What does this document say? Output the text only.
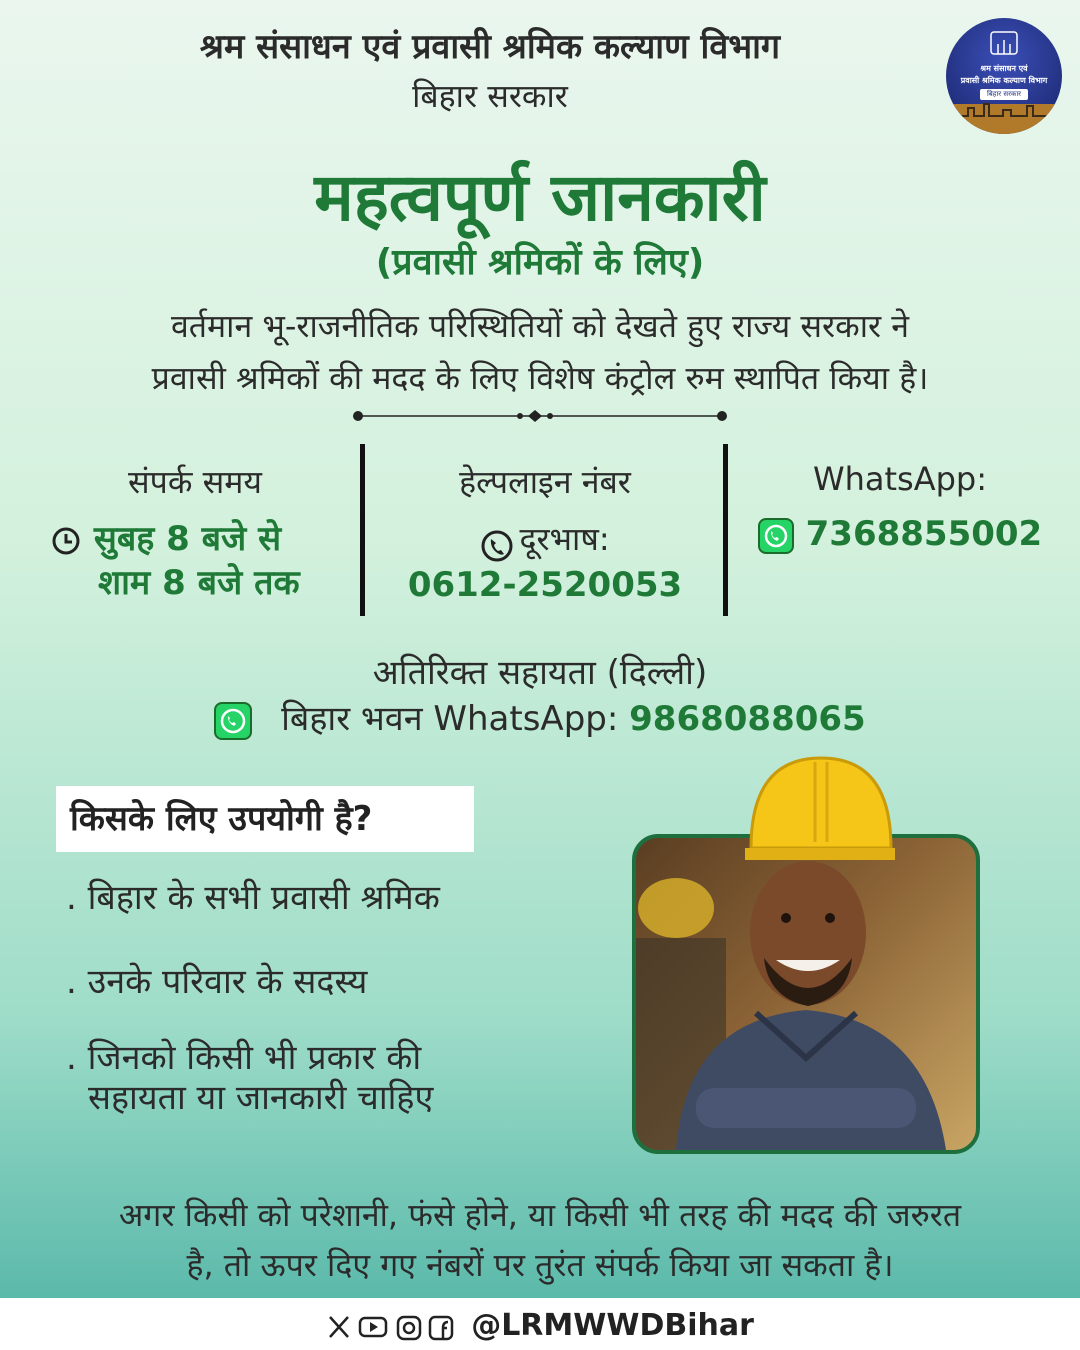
श्रम संसाधन एवं प्रवासी श्रमिक कल्याण विभाग
बिहार सरकार
श्रम संसाधन एवं
प्रवासी श्रमिक कल्याण विभाग
बिहार सरकार
महत्वपूर्ण जानकारी
(प्रवासी श्रमिकों के लिए)
वर्तमान भू-राजनीतिक परिस्थितियों को देखते हुए राज्य सरकार ने
प्रवासी श्रमिकों की मदद के लिए विशेष कंट्रोल रुम स्थापित किया है।
संपर्क समय
सुबह 8 बजे से
शाम 8 बजे तक
हेल्पलाइन नंबर
दूरभाष:
0612-2520053
WhatsApp:
7368855002
अतिरिक्त सहायता (दिल्ली)
बिहार भवन WhatsApp: 9868088065
किसके लिए उपयोगी है?
. बिहार के सभी प्रवासी श्रमिक
. उनके परिवार के सदस्य
. जिनको किसी भी प्रकार की
सहायता या जानकारी चाहिए
अगर किसी को परेशानी, फंसे होने, या किसी भी तरह की मदद की जरुरत
है, तो ऊपर दिए गए नंबरों पर तुरंत संपर्क किया जा सकता है।
@LRMWWDBihar
